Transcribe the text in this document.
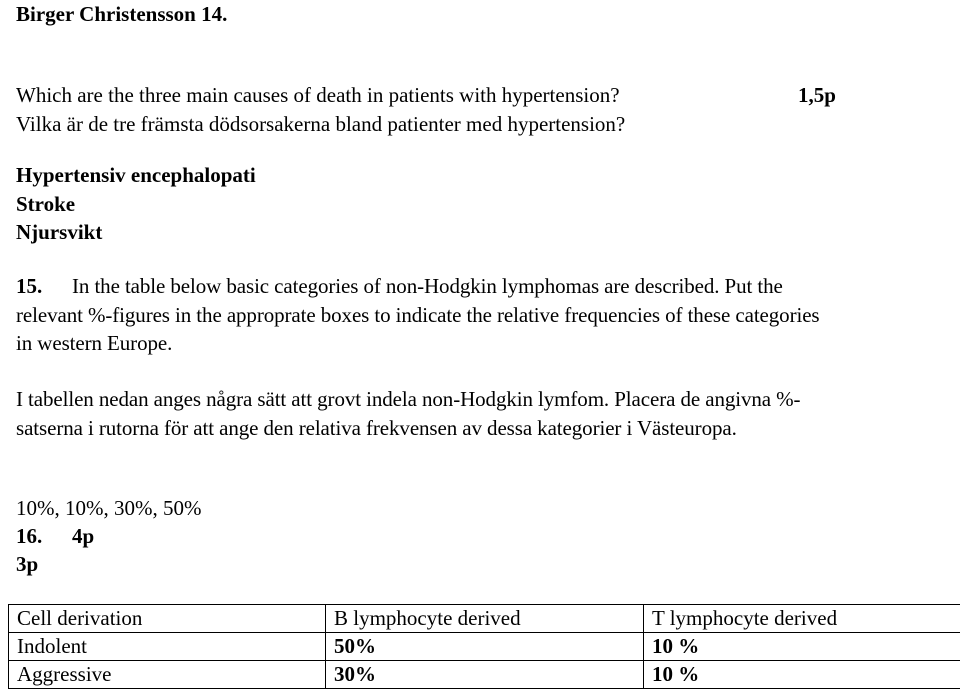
Birger Christensson 14.
Which are the three main causes of death in patients with hypertension?
Vilka är de tre främsta dödsorsakerna bland patienter med hypertension?
1,5p
Hypertensiv encephalopati
Stroke
Njursvikt
15. In the table below basic categories of non-Hodgkin lymphomas are described. Put the
relevant %-figures in the approprate boxes to indicate the relative frequencies of these categories
in western Europe.
I tabellen nedan anges några sätt att grovt indela non-Hodgkin lymfom. Placera de angivna %-
satserna i rutorna för att ange den relativa frekvensen av dessa kategorier i Västeuropa.
10%, 10%, 30%, 50%
16. 4p
3p
Cell derivation	B lymphocyte derived	T lymphocyte derived
Indolent	50%	10 %
Aggressive	30%	10 %
